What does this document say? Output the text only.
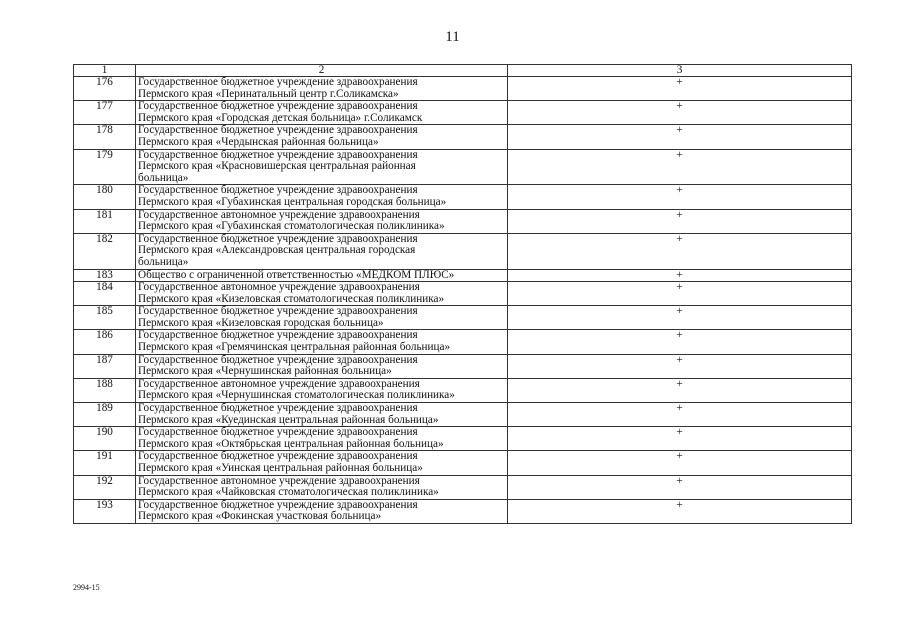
11
1	2	3
176	Государственное бюджетное учреждение здравоохранения
Пермского края «Перинатальный центр г.Соликамска»	+
177	Государственное бюджетное учреждение здравоохранения
Пермского края «Городская детская больница» г.Соликамск	+
178	Государственное бюджетное учреждение здравоохранения
Пермского края «Чердынская районная больница»	+
179	Государственное бюджетное учреждение здравоохранения
Пермского края «Красновишерская центральная районная
больница»	+
180	Государственное бюджетное учреждение здравоохранения
Пермского края «Губахинская центральная городская больница»	+
181	Государственное автономное учреждение здравоохранения
Пермского края «Губахинская стоматологическая поликлиника»	+
182	Государственное бюджетное учреждение здравоохранения
Пермского края «Александровская центральная городская
больница»	+
183	Общество с ограниченной ответственностью «МЕДКОМ ПЛЮС»	+
184	Государственное автономное учреждение здравоохранения
Пермского края «Кизеловская стоматологическая поликлиника»	+
185	Государственное бюджетное учреждение здравоохранения
Пермского края «Кизеловская городская больница»	+
186	Государственное бюджетное учреждение здравоохранения
Пермского края «Гремячинская центральная районная больница»	+
187	Государственное бюджетное учреждение здравоохранения
Пермского края «Чернушинская районная больница»	+
188	Государственное автономное учреждение здравоохранения
Пермского края «Чернушинская стоматологическая поликлиника»	+
189	Государственное бюджетное учреждение здравоохранения
Пермского края «Куединская центральная районная больница»	+
190	Государственное бюджетное учреждение здравоохранения
Пермского края «Октябрьская центральная районная больница»	+
191	Государственное бюджетное учреждение здравоохранения
Пермского края «Уинская центральная районная больница»	+
192	Государственное автономное учреждение здравоохранения
Пермского края «Чайковская стоматологическая поликлиника»	+
193	Государственное бюджетное учреждение здравоохранения
Пермского края «Фокинская участковая больница»	+
2994-15
